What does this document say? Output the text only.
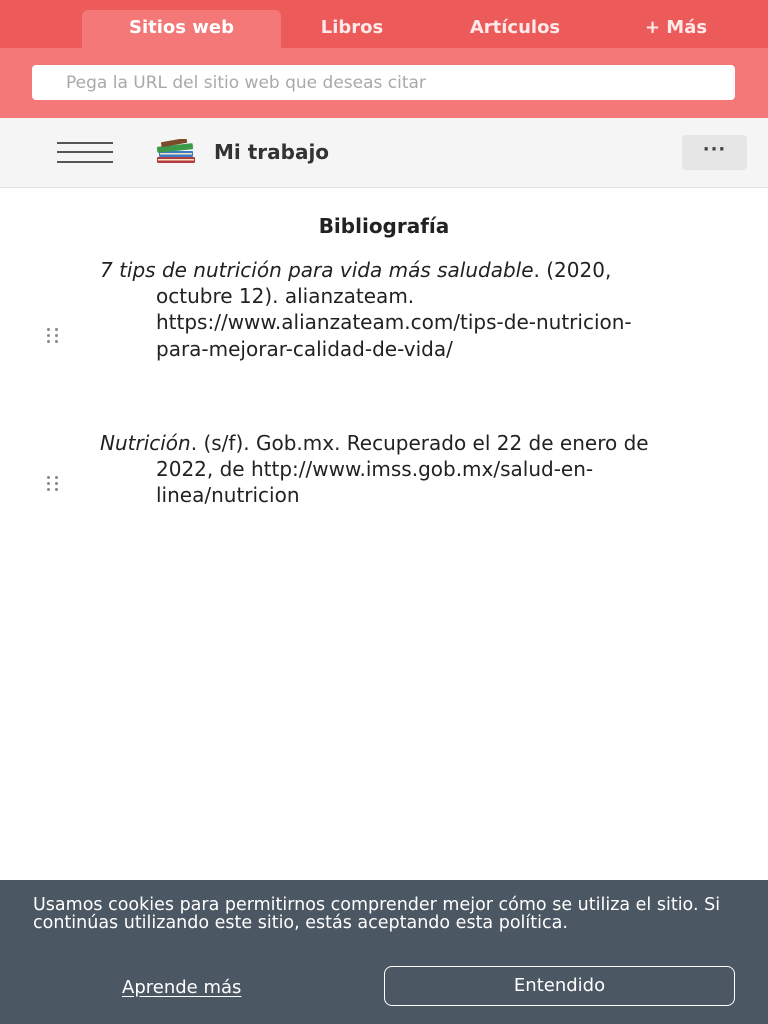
Sitios web	Libros	Artículos	+ Más
Pega la URL del sitio web que deseas citar
Mi trabajo	···
Bibliografía
7 tips de nutrición para vida más saludable. (2020, octubre 12). alianzateam. https://www.alianzateam.com/tips-de-nutricion-para-mejorar-calidad-de-vida/
Nutrición. (s/f). Gob.mx. Recuperado el 22 de enero de 2022, de http://www.imss.gob.mx/salud-en-linea/nutricion
Usamos cookies para permitirnos comprender mejor cómo se utiliza el sitio. Si continúas utilizando este sitio, estás aceptando esta política.
Aprende más	Entendido
